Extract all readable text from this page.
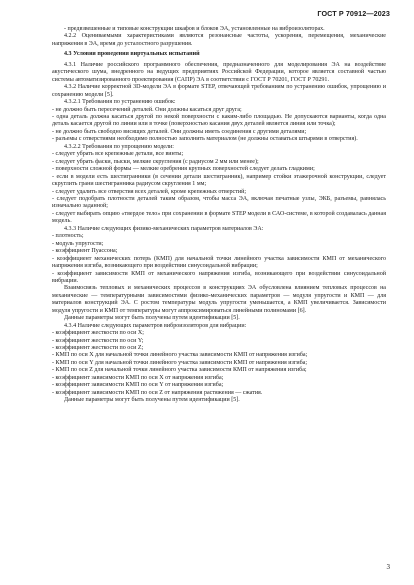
ГОСТ Р 70912—2023

- предвзвешенные и типовые конструкции шкафов и блоков ЭА, установленные на виброизоляторах.

4.2.2 Оцениваемыми характеристиками являются резонансные частоты, ускорения, перемещения, механические напряжения в ЭА, время до усталостного разрушения.

4.3 Условия проведения виртуальных испытаний

4.3.1 Наличие российского программного обеспечения, предназначенного для моделирования ЭА на воздействие акустического шума, внедренного на ведущих предприятиях Российской Федерации, которое является составной частью системы автоматизированного проектирования (САПР) ЭА в соответствии с ГОСТ Р 70201, ГОСТ Р 70291.

4.3.2 Наличие корректной 3D-модели ЭА в формате STEP, отвечающей требованиям по устранению ошибок, упрощению и сохранению модели [5].

4.3.2.1 Требования по устранению ошибок:

- не должно быть пересечений деталей. Они должны касаться друг друга;

- одна деталь должна касаться другой по некой поверхности с каким-либо площадью. Не допускаются варианты, когда одна деталь касается другой по линии или в точке (поверхностью касания двух деталей является линия или точка);

- не должно быть свободно висящих деталей. Они должны иметь соединения с другими деталями;

- разъемы с отверстиями необходимо полностью заполнить материалом (не должны оставаться штырями в отверстия).

4.3.2.2 Требования по упрощению модели:

- следует убрать все крепежные детали, все винты;

- следует убрать фаски, пыски, мелкие скругления (с радиусом 2 мм или менее);

- поверхности сложной формы — мелкие оребрения крупных поверхностей следует делать гладкими;

- если в модели есть шестигранники (в сечении детали шестигранник), например стойки этажерочной конструкции, следует скруглить грани шестигранника радиусом скругления 1 мм;

- следует удалить все отверстия всех деталей, кроме крепежных отверстий;

- следует подобрать плотности деталей таким образом, чтобы масса ЭА, включая печатные узлы, ЭКБ, разъемы, равнялась изначально заданной;

- следует выбирать опцию «твердое тело» при сохранении в формате STEP модели в САО-системе, в которой создавалась данная модель.

4.3.3 Наличие следующих физико-механических параметров материалов ЭА:

- плотность;

- модуль упругости;

- коэффициент Пуассона;

- коэффициент механических потерь (КМП) для начальной точки линейного участка зависимости КМП от механического напряжения изгиба, возникающего при воздействии синусоидальной вибрации;

- коэффициент зависимости КМП от механического напряжения изгиба, возникающего при воздействии синусоидальной вибрации.

Взаимосвязь тепловых и механических процессов в конструкциях ЭА обусловлена влиянием тепловых процессов на механические — температурными зависимостями физико-механических параметров — модуля упругости и КМП — для материалов конструкций ЭА. С ростом температуры модуль упругости уменьшается, а КМП увеличивается. Зависимости модуля упругости и КМП от температуры могут аппроксимироваться линейными полиномами [6].

Данные параметры могут быть получены путем идентификации [5].

4.3.4 Наличие следующих параметров виброизоляторов для вибрации:

- коэффициент жесткости по оси X;

- коэффициент жесткости по оси Y;

- коэффициент жесткости по оси Z;

- КМП по оси X для начальной точки линейного участка зависимости КМП от напряжения изгиба;

- КМП по оси Y для начальной точки линейного участка зависимости КМП от напряжения изгиба;

- КМП по оси Z для начальной точки линейного участка зависимости КМП от напряжения изгиба;

- коэффициент зависимости КМП по оси X от напряжения изгиба;

- коэффициент зависимости КМП по оси Y от напряжения изгиба;

- коэффициент зависимости КМП по оси Z от напряжения растяжения — сжатия.

Данные параметры могут быть получены путем идентификации [5].

3
